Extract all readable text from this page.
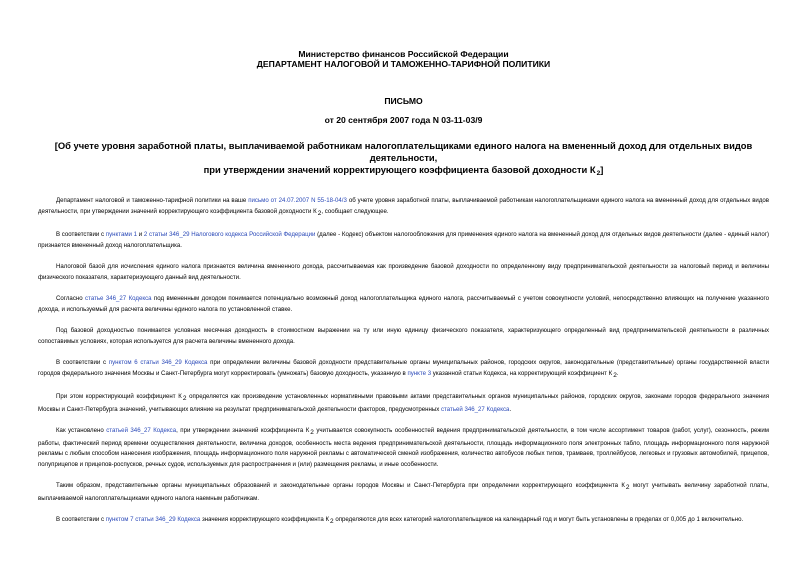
Министерство финансов Российской Федерации
ДЕПАРТАМЕНТ НАЛОГОВОЙ И ТАМОЖЕННО-ТАРИФНОЙ ПОЛИТИКИ
ПИСЬМО
от 20 сентября 2007 года N 03-11-03/9
[Об учете уровня заработной платы, выплачиваемой работникам налогоплательщиками единого налога на вмененный доход для отдельных видов деятельности,
при утверждении значений корректирующего коэффициента базовой доходности $К_2$]

Департамент налоговой и таможенно-тарифной политики на ваше письмо от 24.07.2007 N 55-18-04/3 об учете уровня заработной платы, выплачиваемой работникам налогоплательщиками единого налога на вмененный доход для отдельных видов деятельности, при утверждении значений корректирующего коэффициента базовой доходности К2, сообщает следующее.

В соответствии с пунктами 1 и 2 статьи 346_29 Налогового кодекса Российской Федерации (далее - Кодекс) объектом налогообложения для применения единого налога на вмененный доход для отдельных видов деятельности (далее - единый налог) признается вмененный доход налогоплательщика.

Налоговой базой для исчисления единого налога признается величина вмененного дохода, рассчитываемая как произведение базовой доходности по определенному виду предпринимательской деятельности за налоговый период и величины физического показателя, характеризующего данный вид деятельности.

Согласно статье 346_27 Кодекса под вмененным доходом понимается потенциально возможный доход налогоплательщика единого налога, рассчитываемый с учетом совокупности условий, непосредственно влияющих на получение указанного дохода, и используемый для расчета величины единого налога по установленной ставке.

Под базовой доходностью понимается условная месячная доходность в стоимостном выражении на ту или иную единицу физического показателя, характеризующего определенный вид предпринимательской деятельности в различных сопоставимых условиях, которая используется для расчета величины вмененного дохода.

В соответствии с пунктом 6 статьи 346_29 Кодекса при определении величины базовой доходности представительные органы муниципальных районов, городских округов, законодательные (представительные) органы государственной власти городов федерального значения Москвы и Санкт-Петербурга могут корректировать (умножать) базовую доходность, указанную в пункте 3 указанной статьи Кодекса, на корректирующий коэффициент К2.

При этом корректирующий коэффициент К2 определяется как произведение установленных нормативными правовыми актами представительных органов муниципальных районов, городских округов, законами городов федерального значения Москвы и Санкт-Петербурга значений, учитывающих влияние на результат предпринимательской деятельности факторов, предусмотренных статьей 346_27 Кодекса.

Как установлено статьей 346_27 Кодекса, при утверждении значений коэффициента К2 учитывается совокупность особенностей ведения предпринимательской деятельности, в том числе ассортимент товаров (работ, услуг), сезонность, режим работы, фактический период времени осуществления деятельности, величина доходов, особенность места ведения предпринимательской деятельности, площадь информационного поля электронных табло, площадь информационного поля наружной рекламы с любым способом нанесения изображения, площадь информационного поля наружной рекламы с автоматической сменой изображения, количество автобусов любых типов, трамваев, троллейбусов, легковых и грузовых автомобилей, прицепов, полуприцепов и прицепов-роспусков, речных судов, используемых для распространения и (или) размещения рекламы, и иные особенности.

Таким образом, представительные органы муниципальных образований и законодательные органы городов Москвы и Санкт-Петербурга при определении корректирующего коэффициента К2 могут учитывать величину заработной платы, выплачиваемой налогоплательщиками единого налога наемным работникам.

В соответствии с пунктом 7 статьи 346_29 Кодекса значения корректирующего коэффициента К2 определяются для всех категорий налогоплательщиков на календарный год и могут быть установлены в пределах от 0,005 до 1 включительно.
